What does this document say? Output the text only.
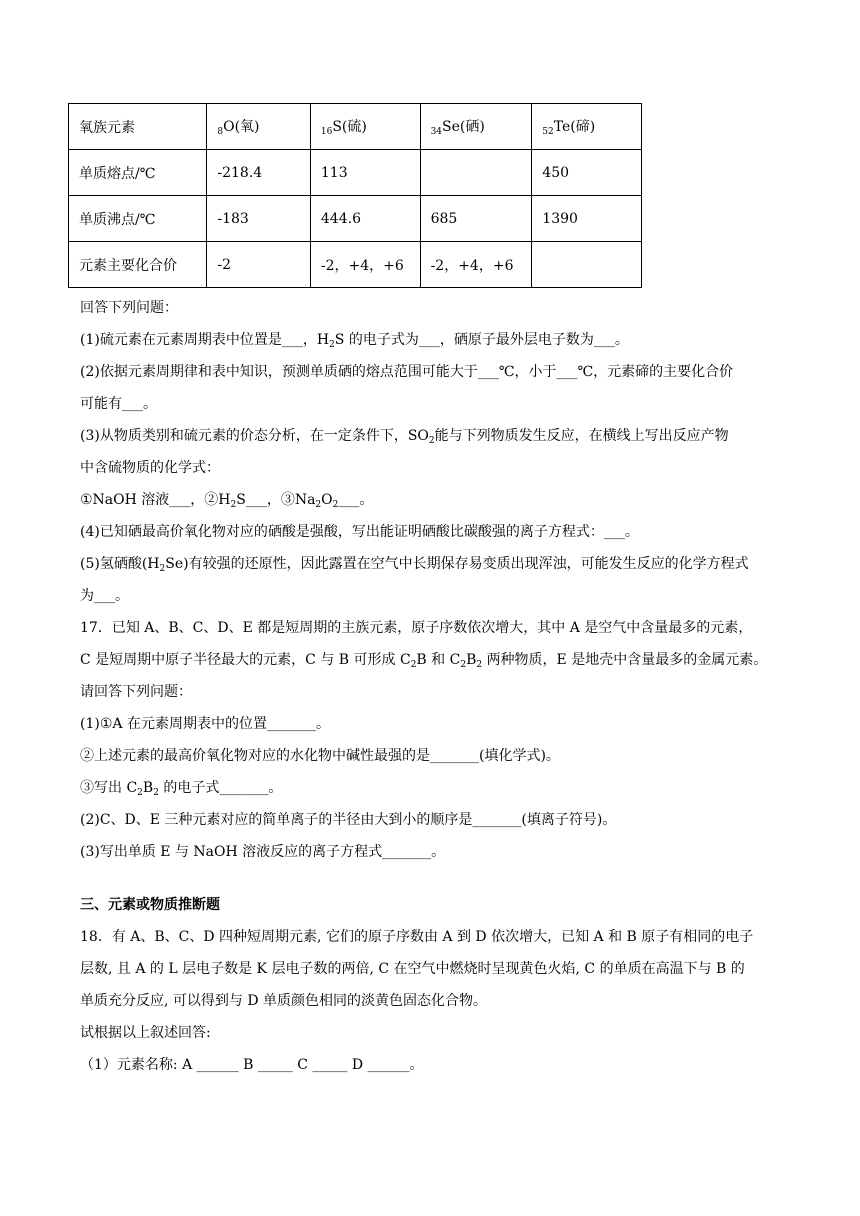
氧族元素	$_8$O(氧)	$_{16}$S(硫)	$_{34}$Se(硒)	$_{52}$Te(碲)
单质熔点/℃	-218.4	113		450
单质沸点/℃	-183	444.6	685	1390
元素主要化合价	-2	-2，+4，+6	-2，+4，+6	
回答下列问题：
(1)硫元素在元素周期表中位置是___，$H_2S$ 的电子式为___，硒原子最外层电子数为___。
(2)依据元素周期律和表中知识，预测单质硒的熔点范围可能大于___℃，小于___℃，元素碲的主要化合价
可能有___。
(3)从物质类别和硫元素的价态分析，在一定条件下，$SO_2$能与下列物质发生反应，在横线上写出反应产物
中含硫物质的化学式：
①NaOH 溶液___，$②H_2S\_\_\_$，$③Na_2O_2\_\_\_$。
(4)已知硒最高价氧化物对应的硒酸是强酸，写出能证明硒酸比碳酸强的离子方程式：___。
(5)氢硒酸$(H_2Se)$有较强的还原性，因此露置在空气中长期保存易变质出现浑浊，可能发生反应的化学方程式
为___。
17．已知 A、B、C、D、E 都是短周期的主族元素，原子序数依次增大，其中 A 是空气中含量最多的元素，
C 是短周期中原子半径最大的元素，C 与 B 可形成 $C_2B$ 和 $C_2B_2$ 两种物质，E 是地壳中含量最多的金属元素。
请回答下列问题：
(1)①A 在元素周期表中的位置_______。
②上述元素的最高价氧化物对应的水化物中碱性最强的是_______(填化学式)。
③写出 $C_2B_2$ 的电子式_______。
(2)C、D、E 三种元素对应的简单离子的半径由大到小的顺序是_______(填离子符号)。
(3)写出单质 E 与 NaOH 溶液反应的离子方程式_______。
三、元素或物质推断题
18．有 A、B、C、D 四种短周期元素, 它们的原子序数由 A 到 D 依次增大，已知 A 和 B 原子有相同的电子
层数, 且 A 的 L 层电子数是 K 层电子数的两倍, C 在空气中燃烧时呈现黄色火焰, C 的单质在高温下与 B 的
单质充分反应, 可以得到与 D 单质颜色相同的淡黄色固态化合物。
试根据以上叙述回答:
（1）元素名称: A ______ B _____ C _____ D ______。
